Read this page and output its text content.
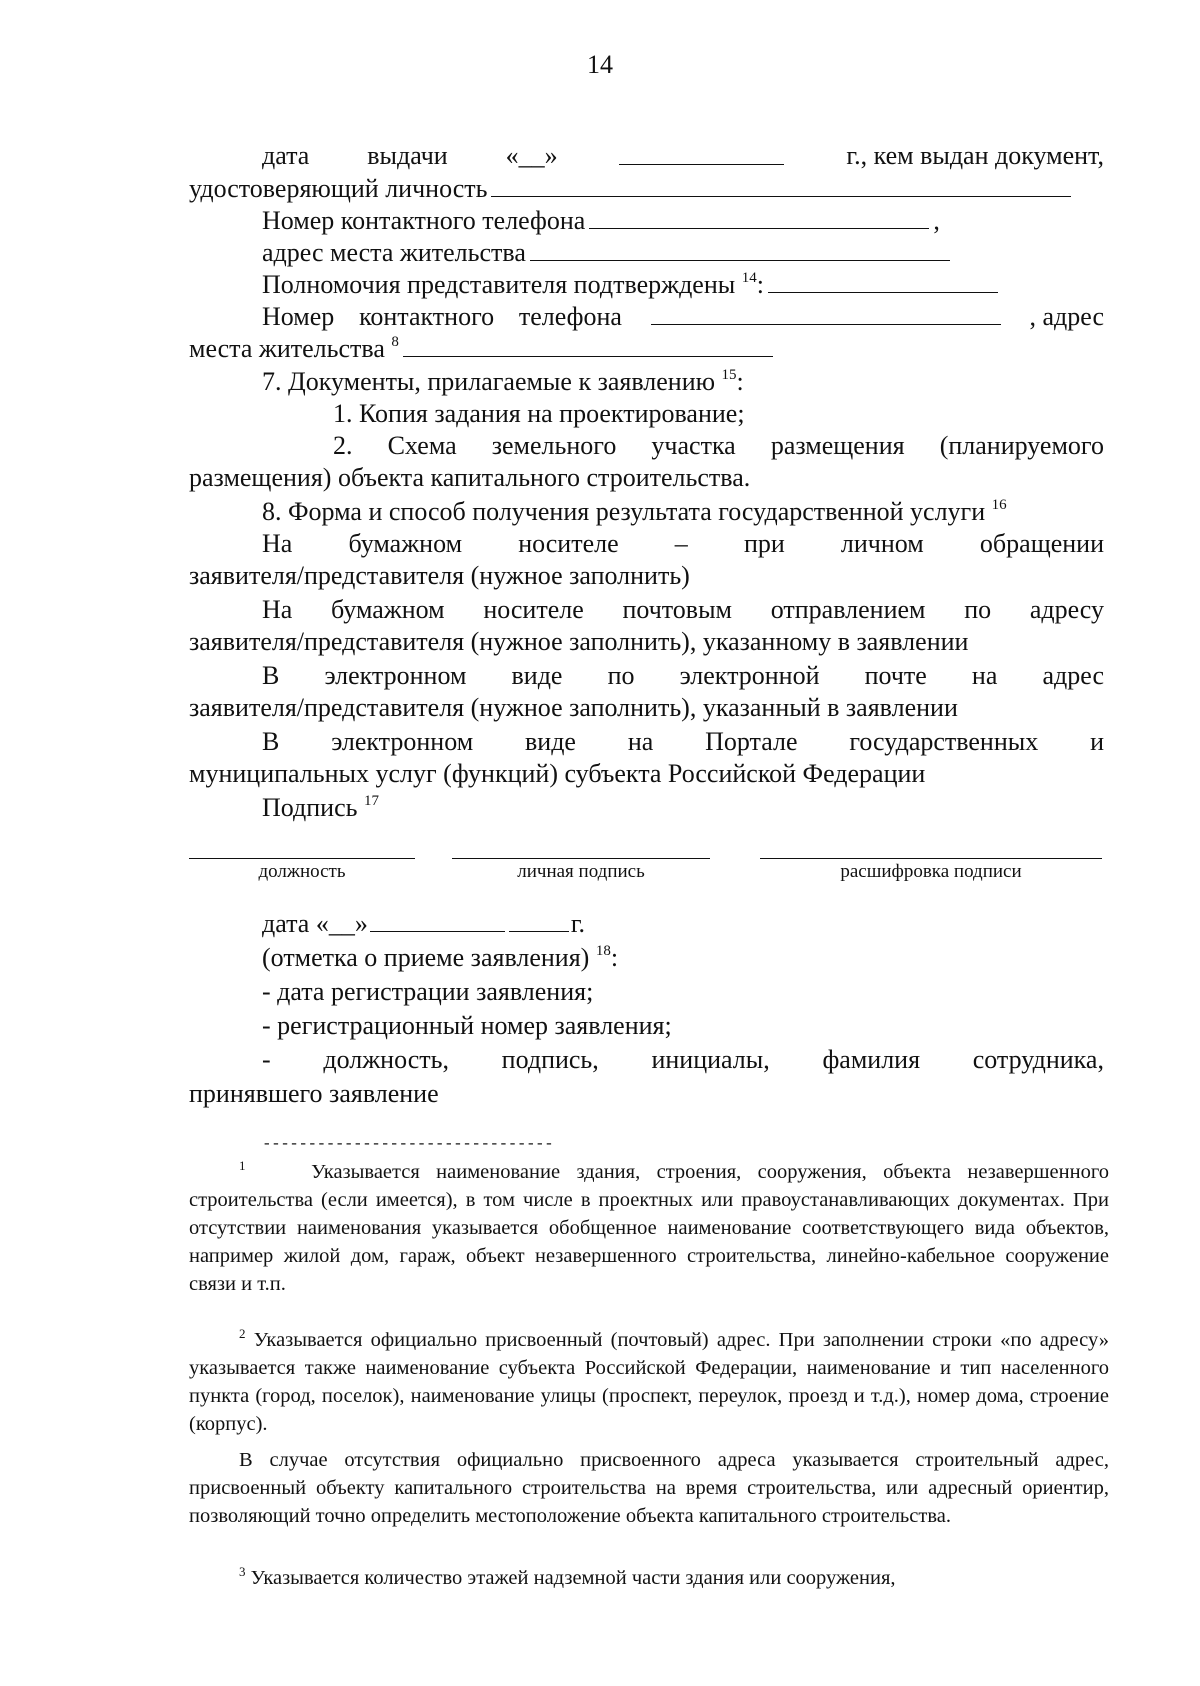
14
дата выдачи «__»	г., кем выдан документ,
удостоверяющий личность
Номер контактного телефона	,
адрес места жительства
Полномочия представителя подтверждены $^{14}$:
Номер контактного телефона	, адрес
места жительства $^8$
7. Документы, прилагаемые к заявлению $^{15}$:
1. Копия задания на проектирование;
2. Схема земельного участка размещения (планируемого
размещения) объекта капитального строительства.
8. Форма и способ получения результата государственной услуги $^{16}$
На бумажном носителе – при личном обращении
заявителя/представителя (нужное заполнить)
На бумажном носителе почтовым отправлением по адресу
заявителя/представителя (нужное заполнить), указанному в заявлении
В электронном виде по электронной почте на адрес
заявителя/представителя (нужное заполнить), указанный в заявлении
В электронном виде на Портале государственных и
муниципальных услуг (функций) субъекта Российской Федерации
Подпись $^{17}$
должность	личная подпись	расшифровка подписи
дата «__»	г.
(отметка о приеме заявления) $^{18}$:
- дата регистрации заявления;
- регистрационный номер заявления;
- должность, подпись, инициалы, фамилия сотрудника,
принявшего заявление
--------------------------------
$^1$	Указывается наименование здания, строения, сооружения, объекта незавершенного строительства (если имеется), в том числе в проектных или правоустанавливающих документах. При отсутствии наименования указывается обобщенное наименование соответствующего вида объектов, например жилой дом, гараж, объект незавершенного строительства, линейно-кабельное сооружение связи и т.п.
$^2$ Указывается официально присвоенный (почтовый) адрес. При заполнении строки «по адресу» указывается также наименование субъекта Российской Федерации, наименование и тип населенного пункта (город, поселок), наименование улицы (проспект, переулок, проезд и т.д.), номер дома, строение (корпус).
В случае отсутствия официально присвоенного адреса указывается строительный адрес, присвоенный объекту капитального строительства на время строительства, или адресный ориентир, позволяющий точно определить местоположение объекта капитального строительства.
$^3$ Указывается количество этажей надземной части здания или сооружения,
